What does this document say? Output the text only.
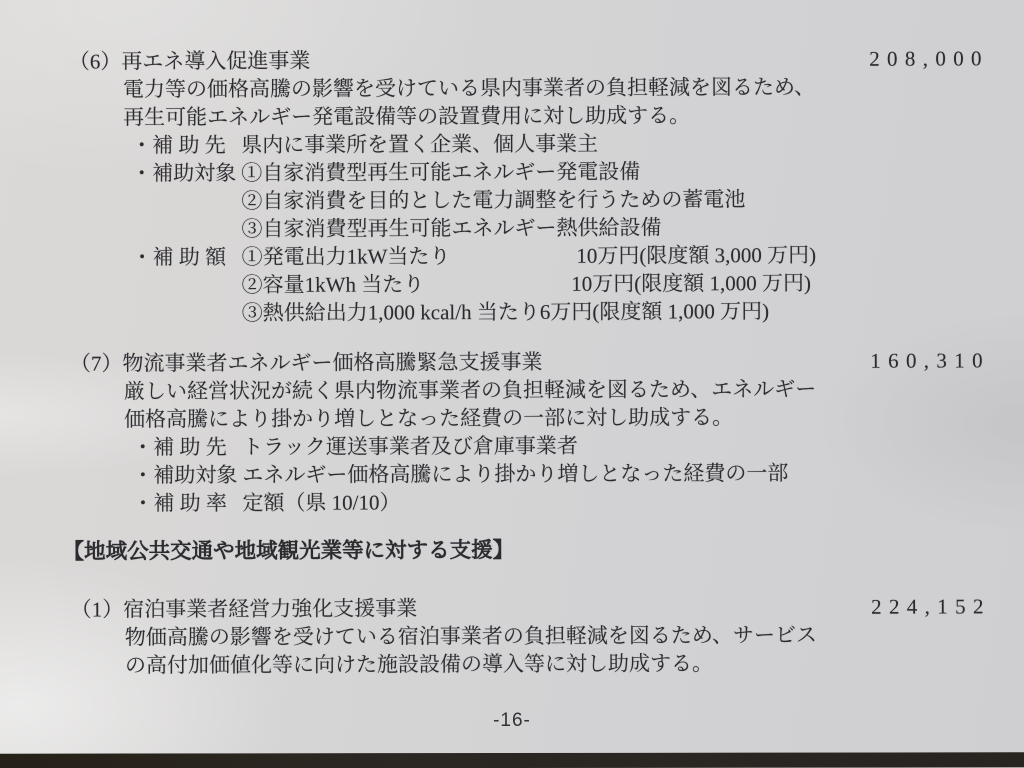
（6） 再エネ導入促進事業	208,000
電力等の価格高騰の影響を受けている県内事業者の負担軽減を図るため、
再生可能エネルギー発電設備等の設置費用に対し助成する。
・補 助 先 県内に事業所を置く企業、個人事業主
・補助対象 ①自家消費型再生可能エネルギー発電設備
②自家消費を目的とした電力調整を行うための蓄電池
③自家消費型再生可能エネルギー熱供給設備
・補 助 額 ①発電出力1kW当たり　　　　　　10万円(限度額 3,000 万円)
②容量1kWh 当たり　　　　　　　10万円(限度額 1,000 万円)
③熱供給出力1,000 kcal/h 当たり6万円(限度額 1,000 万円)
（7） 物流事業者エネルギー価格高騰緊急支援事業	160,310
厳しい経営状況が続く県内物流事業者の負担軽減を図るため、エネルギー
価格高騰により掛かり増しとなった経費の一部に対し助成する。
・補 助 先 トラック運送事業者及び倉庫事業者
・補助対象 エネルギー価格高騰により掛かり増しとなった経費の一部
・補 助 率 定額（県 10/10）
【地域公共交通や地域観光業等に対する支援】
（1） 宿泊事業者経営力強化支援事業	224,152
物価高騰の影響を受けている宿泊事業者の負担軽減を図るため、サービス
の高付加価値化等に向けた施設設備の導入等に対し助成する。
-16-
